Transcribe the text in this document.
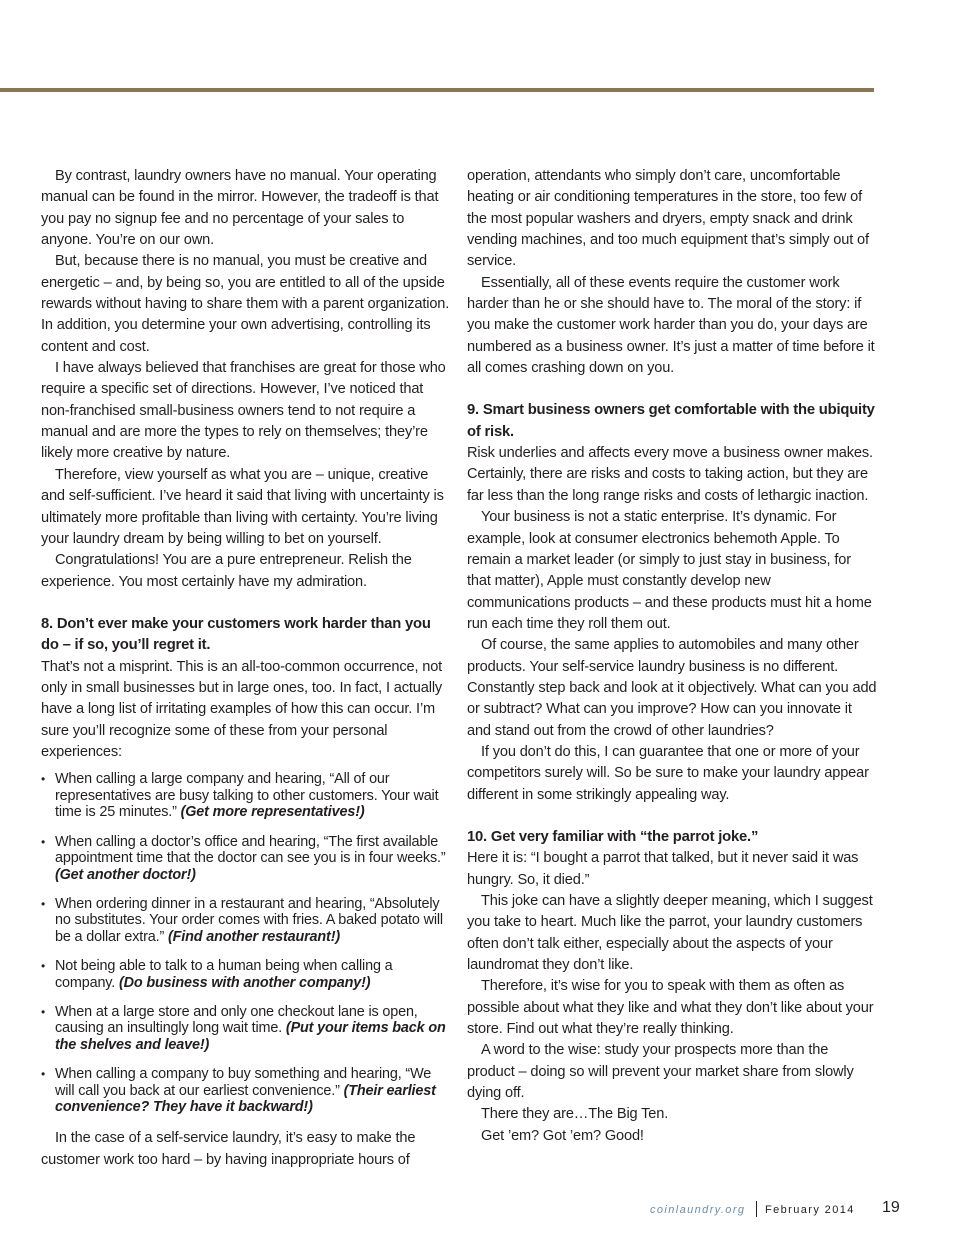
By contrast, laundry owners have no manual. Your operating manual can be found in the mirror. However, the tradeoff is that you pay no signup fee and no percentage of your sales to anyone. You’re on our own.

But, because there is no manual, you must be creative and energetic – and, by being so, you are entitled to all of the upside rewards without having to share them with a parent organization. In addition, you determine your own advertising, controlling its content and cost.

I have always believed that franchises are great for those who require a specific set of directions. However, I’ve noticed that non-franchised small-business owners tend to not require a manual and are more the types to rely on themselves; they’re likely more creative by nature.

Therefore, view yourself as what you are – unique, creative and self-sufficient. I’ve heard it said that living with uncertainty is ultimately more profitable than living with certainty. You’re living your laundry dream by being willing to bet on yourself.

Congratulations! You are a pure entrepreneur. Relish the experience. You most certainly have my admiration.

8. Don’t ever make your customers work harder than you do – if so, you’ll regret it.

That’s not a misprint. This is an all-too-common occurrence, not only in small businesses but in large ones, too. In fact, I actually have a long list of irritating examples of how this can occur. I’m sure you’ll recognize some of these from your personal experiences:

• When calling a large company and hearing, “All of our representatives are busy talking to other customers. Your wait time is 25 minutes.” (Get more representatives!)
• When calling a doctor’s office and hearing, “The first available appointment time that the doctor can see you is in four weeks.” (Get another doctor!)
• When ordering dinner in a restaurant and hearing, “Absolutely no substitutes. Your order comes with fries. A baked potato will be a dollar extra.” (Find another restaurant!)
• Not being able to talk to a human being when calling a company. (Do business with another company!)
• When at a large store and only one checkout lane is open, causing an insultingly long wait time. (Put your items back on the shelves and leave!)
• When calling a company to buy something and hearing, “We will call you back at our earliest convenience.” (Their earliest convenience? They have it backward!)

In the case of a self-service laundry, it’s easy to make the customer work too hard – by having inappropriate hours of

operation, attendants who simply don’t care, uncomfortable heating or air conditioning temperatures in the store, too few of the most popular washers and dryers, empty snack and drink vending machines, and too much equipment that’s simply out of service.

Essentially, all of these events require the customer work harder than he or she should have to. The moral of the story: if you make the customer work harder than you do, your days are numbered as a business owner. It’s just a matter of time before it all comes crashing down on you.

9. Smart business owners get comfortable with the ubiquity of risk.

Risk underlies and affects every move a business owner makes. Certainly, there are risks and costs to taking action, but they are far less than the long range risks and costs of lethargic inaction.

Your business is not a static enterprise. It’s dynamic. For example, look at consumer electronics behemoth Apple. To remain a market leader (or simply to just stay in business, for that matter), Apple must constantly develop new communications products – and these products must hit a home run each time they roll them out.

Of course, the same applies to automobiles and many other products. Your self-service laundry business is no different. Constantly step back and look at it objectively. What can you add or subtract? What can you improve? How can you innovate it and stand out from the crowd of other laundries?

If you don’t do this, I can guarantee that one or more of your competitors surely will. So be sure to make your laundry appear different in some strikingly appealing way.

10. Get very familiar with “the parrot joke.”

Here it is: “I bought a parrot that talked, but it never said it was hungry. So, it died.”

This joke can have a slightly deeper meaning, which I suggest you take to heart. Much like the parrot, your laundry customers often don’t talk either, especially about the aspects of your laundromat they don’t like.

Therefore, it’s wise for you to speak with them as often as possible about what they like and what they don’t like about your store. Find out what they’re really thinking.

A word to the wise: study your prospects more than the product – doing so will prevent your market share from slowly dying off.

There they are…The Big Ten.

Get ’em? Got ’em? Good!

coinlaundry.org February 2014 19
